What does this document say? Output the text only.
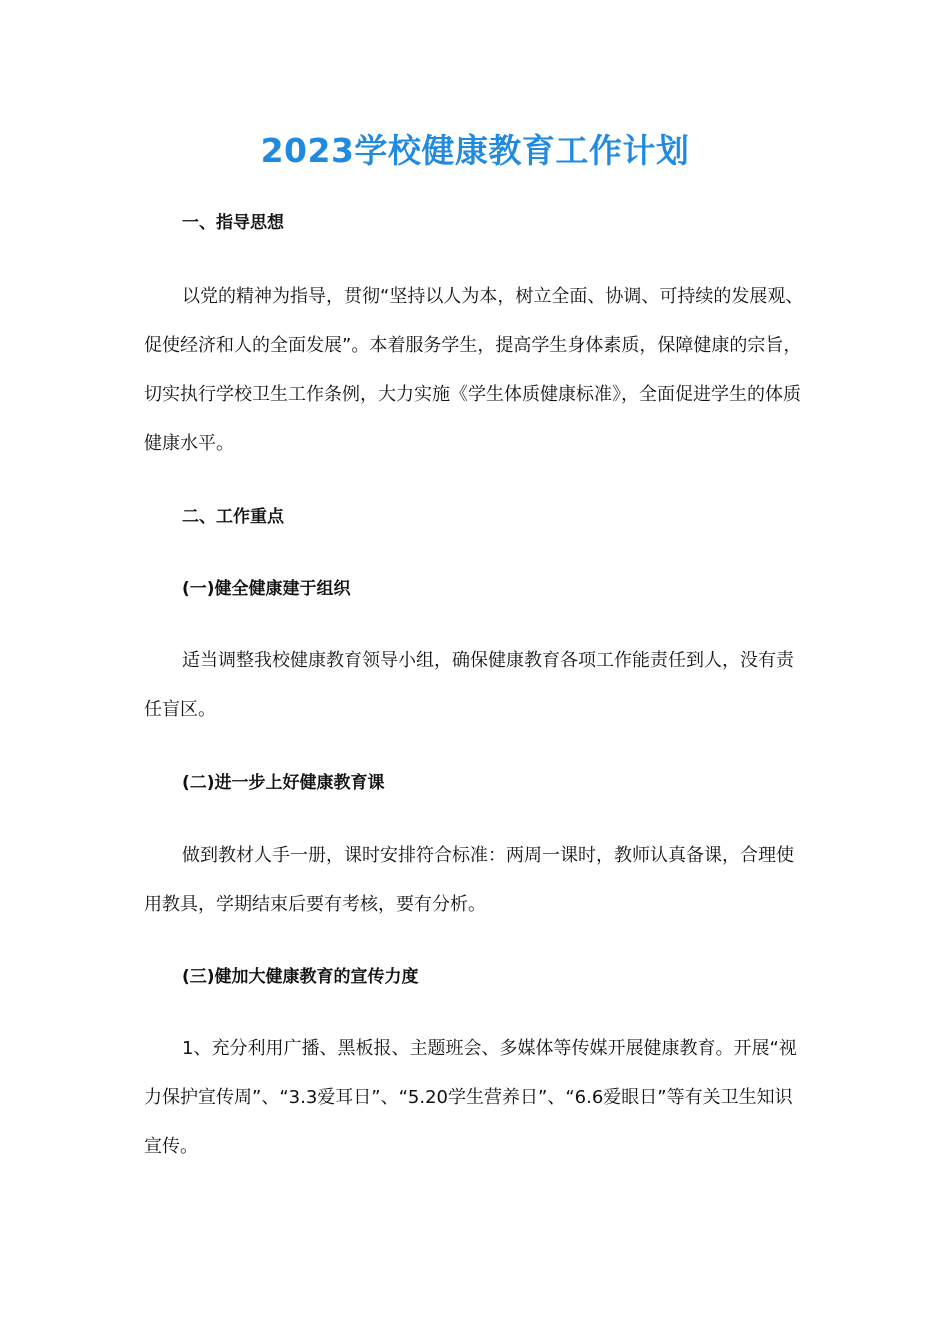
2023学校健康教育工作计划

一、指导思想

以党的精神为指导，贯彻“坚持以人为本，树立全面、协调、可持续的发展观、促使经济和人的全面发展”。本着服务学生，提高学生身体素质，保障健康的宗旨，切实执行学校卫生工作条例，大力实施《学生体质健康标准》，全面促进学生的体质健康水平。

二、工作重点

(一)健全健康建于组织

适当调整我校健康教育领导小组，确保健康教育各项工作能责任到人，没有责任盲区。

(二)进一步上好健康教育课

做到教材人手一册，课时安排符合标准：两周一课时，教师认真备课，合理使用教具，学期结束后要有考核，要有分析。

(三)健加大健康教育的宣传力度

1、充分利用广播、黑板报、主题班会、多媒体等传媒开展健康教育。开展“视力保护宣传周”、“3.3爱耳日”、“5.20学生营养日”、“6.6爱眼日”等有关卫生知识宣传。
